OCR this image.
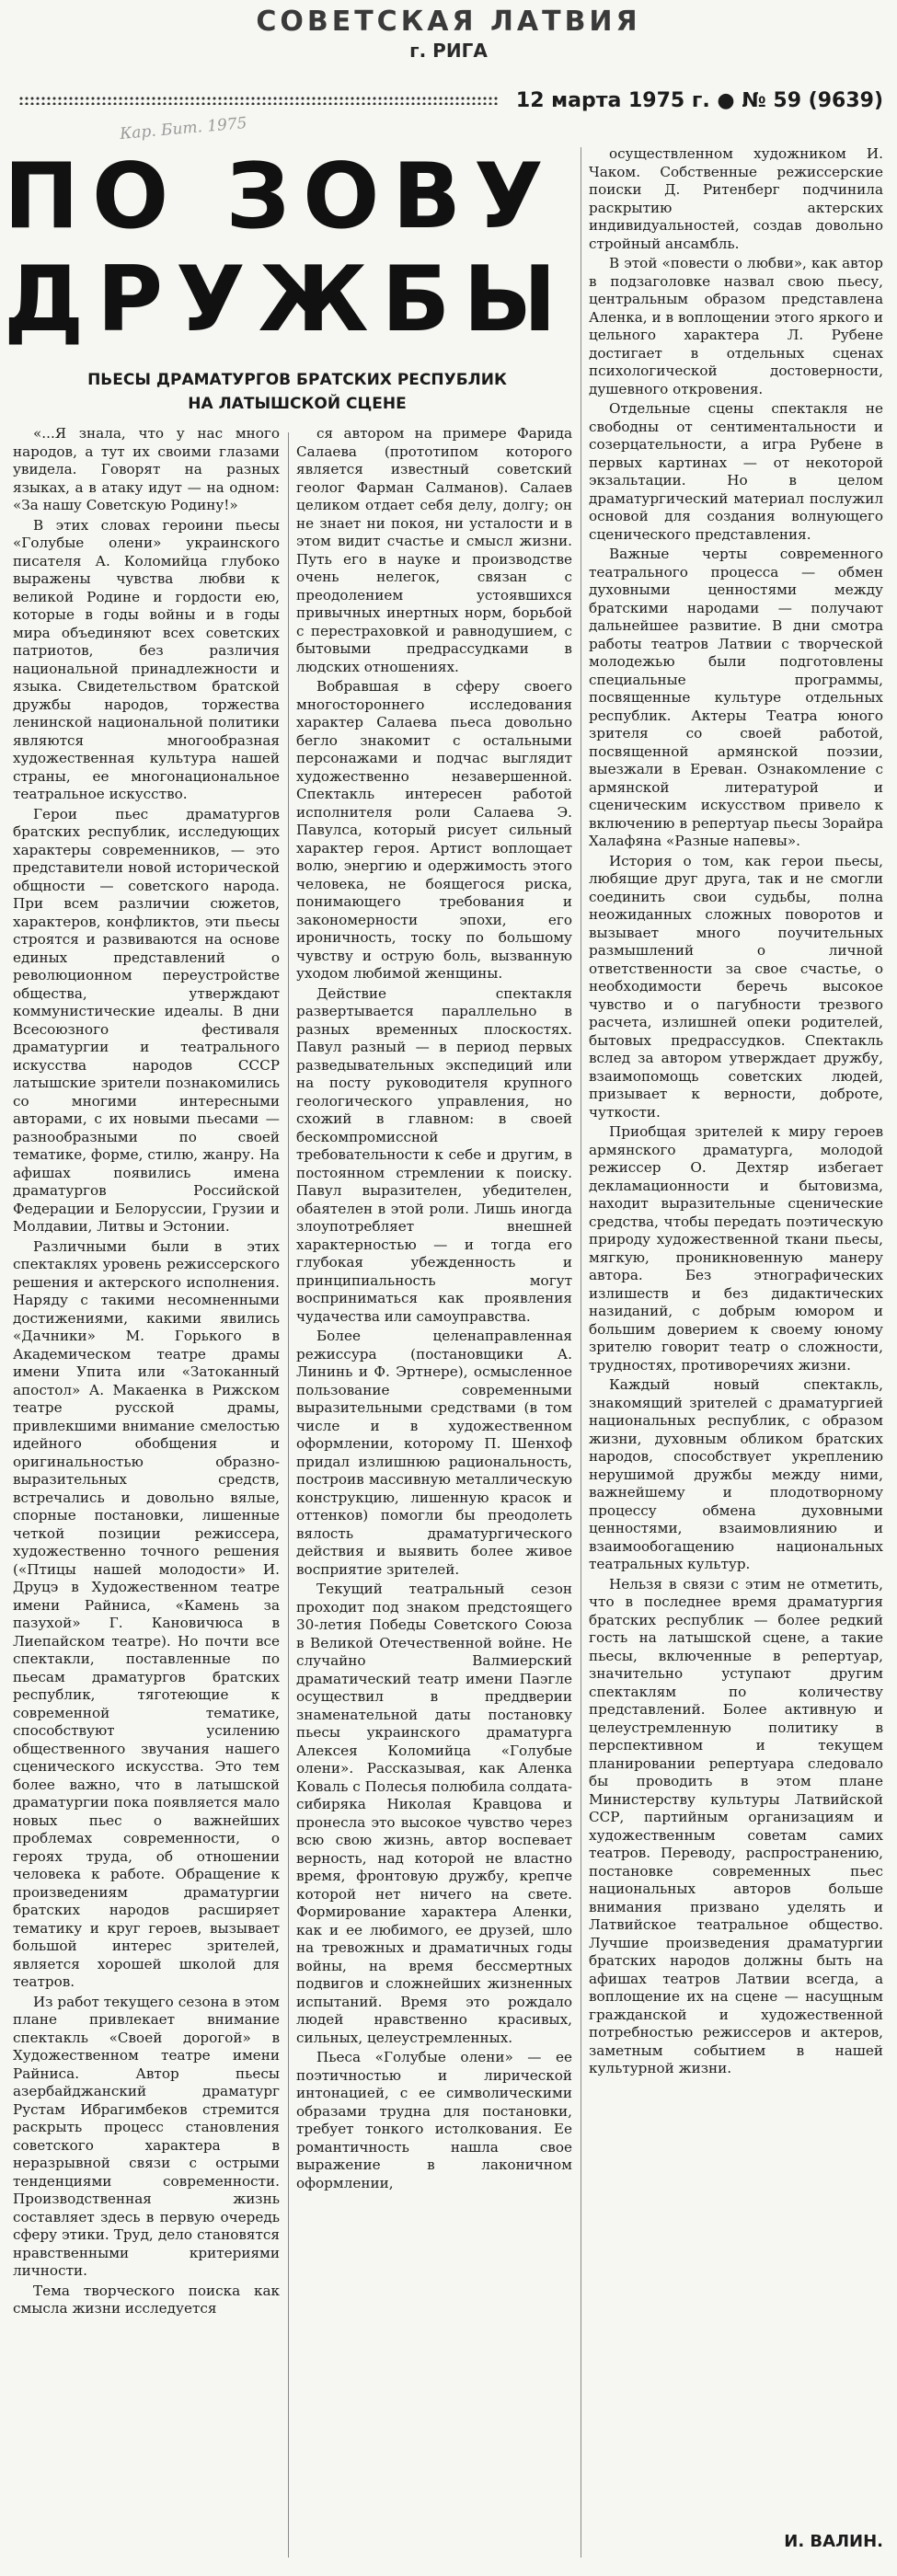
СОВЕТСКАЯ ЛАТВИЯ
г. РИГА
12 марта 1975 г. ● № 59 (9639)
Кар. Бит. 1975
ПО ЗОВУ ДРУЖБЫ
ПЬЕСЫ ДРАМАТУРГОВ БРАТСКИХ РЕСПУБЛИК НА ЛАТЫШСКОЙ СЦЕНЕ

«...Я знала, что у нас много народов, а тут их своими глазами увидела. Говорят на разных языках, а в атаку идут — на одном: «За нашу Советскую Родину!»

В этих словах героини пьесы «Голубые олени» украинского писателя А. Коломийца глубоко выражены чувства любви к великой Родине и гордости ею, которые в годы войны и в годы мира объединяют всех советских патриотов, без различия национальной принадлежности и языка. Свидетельством братской дружбы народов, торжества ленинской национальной политики являются многообразная художественная культура нашей страны, ее многонациональное театральное искусство.

Герои пьес драматургов братских республик, исследующих характеры современников, — это представители новой исторической общности — советского народа. При всем различии сюжетов, характеров, конфликтов, эти пьесы строятся и развиваются на основе единых представлений о революционном переустройстве общества, утверждают коммунистические идеалы. В дни Всесоюзного фестиваля драматургии и театрального искусства народов СССР латышские зрители познакомились со многими интересными авторами, с их новыми пьесами — разнообразными по своей тематике, форме, стилю, жанру. На афишах появились имена драматургов Российской Федерации и Белоруссии, Грузии и Молдавии, Литвы и Эстонии.

Различными были в этих спектаклях уровень режиссерского решения и актерского исполнения. Наряду с такими несомненными достижениями, какими явились «Дачники» М. Горького в Академическом театре драмы имени Упита или «Затоканный апостол» А. Макаенка в Рижском театре русской драмы, привлекшими внимание смелостью идейного обобщения и оригинальностью образно-выразительных средств, встречались и довольно вялые, спорные постановки, лишенные четкой позиции режиссера, художественно точного решения («Птицы нашей молодости» И. Друцэ в Художественном театре имени Райниса, «Камень за пазухой» Г. Кановичюса в Лиепайском театре). Но почти все спектакли, поставленные по пьесам драматургов братских республик, тяготеющие к современной тематике, способствуют усилению общественного звучания нашего сценического искусства. Это тем более важно, что в латышской драматургии пока появляется мало новых пьес о важнейших проблемах современности, о героях труда, об отношении человека к работе. Обращение к произведениям драматургии братских народов расширяет тематику и круг героев, вызывает большой интерес зрителей, является хорошей школой для театров.

Из работ текущего сезона в этом плане привлекает внимание спектакль «Своей дорогой» в Художественном театре имени Райниса. Автор пьесы азербайджанский драматург Рустам Ибрагимбеков стремится раскрыть процесс становления советского характера в неразрывной связи с острыми тенденциями современности. Производственная жизнь составляет здесь в первую очередь сферу этики. Труд, дело становятся нравственными критериями личности.

Тема творческого поиска как смысла жизни исследуется

ся автором на примере Фарида Салаева (прототипом которого является известный советский геолог Фарман Салманов). Салаев целиком отдает себя делу, долгу; он не знает ни покоя, ни усталости и в этом видит счастье и смысл жизни. Путь его в науке и производстве очень нелегок, связан с преодолением устоявшихся привычных инертных норм, борьбой с перестраховкой и равнодушием, с бытовыми предрассудками в людских отношениях.

Вобравшая в сферу своего многостороннего исследования характер Салаева пьеса довольно бегло знакомит с остальными персонажами и подчас выглядит художественно незавершенной. Спектакль интересен работой исполнителя роли Салаева Э. Павулса, который рисует сильный характер героя. Артист воплощает волю, энергию и одержимость этого человека, не боящегося риска, понимающего требования и закономерности эпохи, его ироничность, тоску по большому чувству и острую боль, вызванную уходом любимой женщины.

Действие спектакля развертывается параллельно в разных временных плоскостях. Павул разный — в период первых разведывательных экспедиций или на посту руководителя крупного геологического управления, но схожий в главном: в своей бескомпромиссной требовательности к себе и другим, в постоянном стремлении к поиску. Павул выразителен, убедителен, обаятелен в этой роли. Лишь иногда злоупотребляет внешней характерностью — и тогда его глубокая убежденность и принципиальность могут восприниматься как проявления чудачества или самоуправства.

Более целенаправленная режиссура (постановщики А. Лининь и Ф. Эртнере), осмысленное пользование современными выразительными средствами (в том числе и в художественном оформлении, которому П. Шенхоф придал излишнюю рациональность, построив массивную металлическую конструкцию, лишенную красок и оттенков) помогли бы преодолеть вялость драматургического действия и выявить более живое восприятие зрителей.

Текущий театральный сезон проходит под знаком предстоящего 30-летия Победы Советского Союза в Великой Отечественной войне. Не случайно Валмиерский драматический театр имени Паэгле осуществил в преддверии знаменательной даты постановку пьесы украинского драматурга Алексея Коломийца «Голубые олени». Рассказывая, как Аленка Коваль с Полесья полюбила солдата-сибиряка Николая Кравцова и пронесла это высокое чувство через всю свою жизнь, автор воспевает верность, над которой не властно время, фронтовую дружбу, крепче которой нет ничего на свете. Формирование характера Аленки, как и ее любимого, ее друзей, шло на тревожных и драматичных годы войны, на время бессмертных подвигов и сложнейших жизненных испытаний. Время это рождало людей нравственно красивых, сильных, целеустремленных.

Пьеса «Голубые олени» — ее поэтичностью и лирической интонацией, с ее символическими образами трудна для постановки, требует тонкого истолкования. Ее романтичность нашла свое выражение в лаконичном оформлении,

осуществленном художником И. Чаком. Собственные режиссерские поиски Д. Ритенберг подчинила раскрытию актерских индивидуальностей, создав довольно стройный ансамбль.

В этой «повести о любви», как автор в подзаголовке назвал свою пьесу, центральным образом представлена Аленка, и в воплощении этого яркого и цельного характера Л. Рубене достигает в отдельных сценах психологической достоверности, душевного откровения.

Отдельные сцены спектакля не свободны от сентиментальности и созерцательности, а игра Рубене в первых картинах — от некоторой экзальтации. Но в целом драматургический материал послужил основой для создания волнующего сценического представления.

Важные черты современного театрального процесса — обмен духовными ценностями между братскими народами — получают дальнейшее развитие. В дни смотра работы театров Латвии с творческой молодежью были подготовлены специальные программы, посвященные культуре отдельных республик. Актеры Театра юного зрителя со своей работой, посвященной армянской поэзии, выезжали в Ереван. Ознакомление с армянской литературой и сценическим искусством привело к включению в репертуар пьесы Зорайра Халафяна «Разные напевы».

История о том, как герои пьесы, любящие друг друга, так и не смогли соединить свои судьбы, полна неожиданных сложных поворотов и вызывает много поучительных размышлений о личной ответственности за свое счастье, о необходимости беречь высокое чувство и о пагубности трезвого расчета, излишней опеки родителей, бытовых предрассудков. Спектакль вслед за автором утверждает дружбу, взаимопомощь советских людей, призывает к верности, доброте, чуткости.

Приобщая зрителей к миру героев армянского драматурга, молодой режиссер О. Дехтяр избегает декламационности и бытовизма, находит выразительные сценические средства, чтобы передать поэтическую природу художественной ткани пьесы, мягкую, проникновенную манеру автора. Без этнографических излишеств и без дидактических назиданий, с добрым юмором и большим доверием к своему юному зрителю говорит театр о сложности, трудностях, противоречиях жизни.

Каждый новый спектакль, знакомящий зрителей с драматургией национальных республик, с образом жизни, духовным обликом братских народов, способствует укреплению нерушимой дружбы между ними, важнейшему и плодотворному процессу обмена духовными ценностями, взаимовлиянию и взаимообогащению национальных театральных культур.

Нельзя в связи с этим не отметить, что в последнее время драматургия братских республик — более редкий гость на латышской сцене, а такие пьесы, включенные в репертуар, значительно уступают другим спектаклям по количеству представлений. Более активную и целеустремленную политику в перспективном и текущем планировании репертуара следовало бы проводить в этом плане Министерству культуры Латвийской ССР, партийным организациям и художественным советам самих театров. Переводу, распространению, постановке современных пьес национальных авторов больше внимания призвано уделять и Латвийское театральное общество. Лучшие произведения драматургии братских народов должны быть на афишах театров Латвии всегда, а воплощение их на сцене — насущным гражданской и художественной потребностью режиссеров и актеров, заметным событием в нашей культурной жизни.

И. ВАЛИН.
